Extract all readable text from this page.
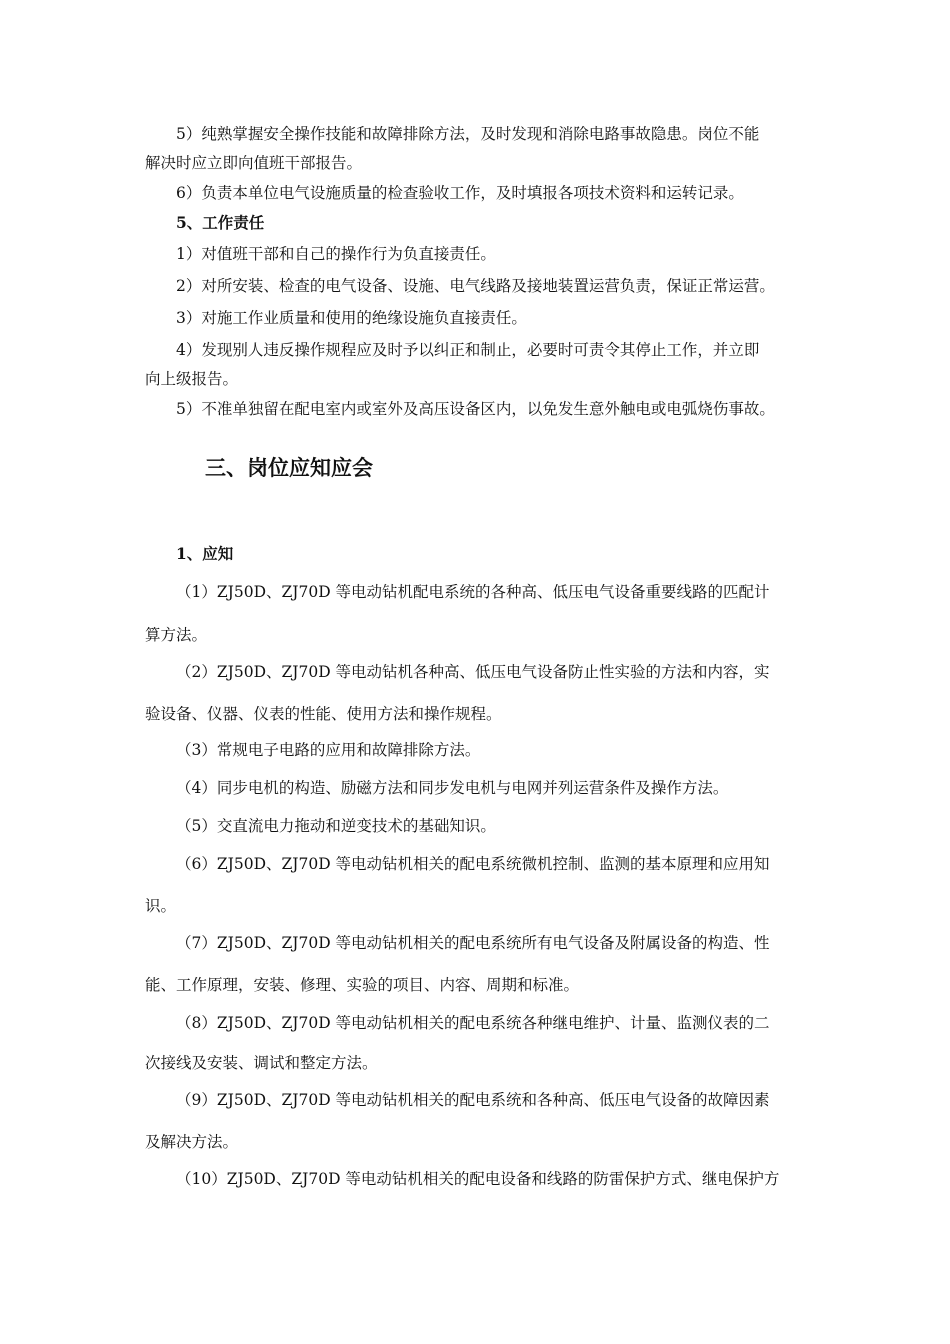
5）纯熟掌握安全操作技能和故障排除方法，及时发现和消除电路事故隐患。岗位不能
解决时应立即向值班干部报告。
6）负责本单位电气设施质量的检查验收工作，及时填报各项技术资料和运转记录。
5、工作责任
1）对值班干部和自己的操作行为负直接责任。
2）对所安装、检查的电气设备、设施、电气线路及接地装置运营负责，保证正常运营。
3）对施工作业质量和使用的绝缘设施负直接责任。
4）发现别人违反操作规程应及时予以纠正和制止，必要时可责令其停止工作，并立即
向上级报告。
5）不准单独留在配电室内或室外及高压设备区内，以免发生意外触电或电弧烧伤事故。
三、岗位应知应会
1、应知
（1）ZJ50D、ZJ70D 等电动钻机配电系统的各种高、低压电气设备重要线路的匹配计
算方法。
（2）ZJ50D、ZJ70D 等电动钻机各种高、低压电气设备防止性实验的方法和内容，实
验设备、仪器、仪表的性能、使用方法和操作规程。
（3）常规电子电路的应用和故障排除方法。
（4）同步电机的构造、励磁方法和同步发电机与电网并列运营条件及操作方法。
（5）交直流电力拖动和逆变技术的基础知识。
（6）ZJ50D、ZJ70D 等电动钻机相关的配电系统微机控制、监测的基本原理和应用知
识。
（7）ZJ50D、ZJ70D 等电动钻机相关的配电系统所有电气设备及附属设备的构造、性
能、工作原理，安装、修理、实验的项目、内容、周期和标准。
（8）ZJ50D、ZJ70D 等电动钻机相关的配电系统各种继电维护、计量、监测仪表的二
次接线及安装、调试和整定方法。
（9）ZJ50D、ZJ70D 等电动钻机相关的配电系统和各种高、低压电气设备的故障因素
及解决方法。
（10）ZJ50D、ZJ70D 等电动钻机相关的配电设备和线路的防雷保护方式、继电保护方
